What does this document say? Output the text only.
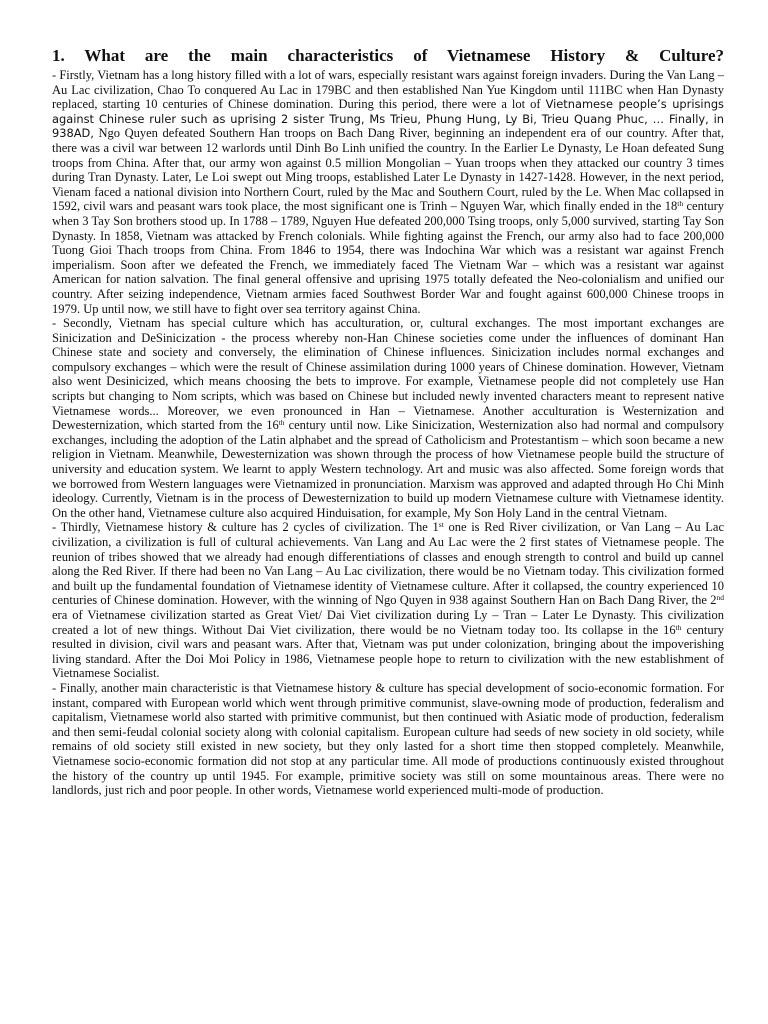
1. What are the main characteristics of Vietnamese History & Culture?

- Firstly, Vietnam has a long history filled with a lot of wars, especially resistant wars against foreign invaders. During the Van Lang – Au Lac civilization, Chao To conquered Au Lac in 179BC and then established Nan Yue Kingdom until 111BC when Han Dynasty replaced, starting 10 centuries of Chinese domination. During this period, there were a lot of Vietnamese people’s uprisings against Chinese ruler such as uprising 2 sister Trung, Ms Trieu, Phung Hung, Ly Bi, Trieu Quang Phuc, … Finally, in 938AD, Ngo Quyen defeated Southern Han troops on Bach Dang River, beginning an independent era of our country. After that, there was a civil war between 12 warlords until Dinh Bo Linh unified the country. In the Earlier Le Dynasty, Le Hoan defeated Sung troops from China. After that, our army won against 0.5 million Mongolian – Yuan troops when they attacked our country 3 times during Tran Dynasty. Later, Le Loi swept out Ming troops, established Later Le Dynasty in 1427-1428. However, in the next period, Vienam faced a national division into Northern Court, ruled by the Mac and Southern Court, ruled by the Le. When Mac collapsed in 1592, civil wars and peasant wars took place, the most significant one is Trinh – Nguyen War, which finally ended in the 18th century when 3 Tay Son brothers stood up. In 1788 – 1789, Nguyen Hue defeated 200,000 Tsing troops, only 5,000 survived, starting Tay Son Dynasty. In 1858, Vietnam was attacked by French colonials. While fighting against the French, our army also had to face 200,000 Tuong Gioi Thach troops from China. From 1846 to 1954, there was Indochina War which was a resistant war against French imperialism. Soon after we defeated the French, we immediately faced The Vietnam War – which was a resistant war against American for nation salvation. The final general offensive and uprising 1975 totally defeated the Neo-colonialism and unified our country. After seizing independence, Vietnam armies faced Southwest Border War and fought against 600,000 Chinese troops in 1979. Up until now, we still have to fight over sea territory against China.

- Secondly, Vietnam has special culture which has acculturation, or, cultural exchanges. The most important exchanges are Sinicization and DeSinicization - the process whereby non-Han Chinese societies come under the influences of dominant Han Chinese state and society and conversely, the elimination of Chinese influences. Sinicization includes normal exchanges and compulsory exchanges – which were the result of Chinese assimilation during 1000 years of Chinese domination. However, Vietnam also went Desinicized, which means choosing the bets to improve. For example, Vietnamese people did not completely use Han scripts but changing to Nom scripts, which was based on Chinese but included newly invented characters meant to represent native Vietnamese words... Moreover, we even pronounced in Han – Vietnamese. Another acculturation is Westernization and Dewesternization, which started from the 16th century until now. Like Sinicization, Westernization also had normal and compulsory exchanges, including the adoption of the Latin alphabet and the spread of Catholicism and Protestantism – which soon became a new religion in Vietnam. Meanwhile, Dewesternization was shown through the process of how Vietnamese people build the structure of university and education system. We learnt to apply Western technology. Art and music was also affected. Some foreign words that we borrowed from Western languages were Vietnamized in pronunciation. Marxism was approved and adapted through Ho Chi Minh ideology. Currently, Vietnam is in the process of Dewesternization to build up modern Vietnamese culture with Vietnamese identity. On the other hand, Vietnamese culture also acquired Hinduisation, for example, My Son Holy Land in the central Vietnam.

- Thirdly, Vietnamese history & culture has 2 cycles of civilization. The 1st one is Red River civilization, or Van Lang – Au Lac civilization, a civilization is full of cultural achievements. Van Lang and Au Lac were the 2 first states of Vietnamese people. The reunion of tribes showed that we already had enough differentiations of classes and enough strength to control and build up cannel along the Red River. If there had been no Van Lang – Au Lac civilization, there would be no Vietnam today. This civilization formed and built up the fundamental foundation of Vietnamese identity of Vietnamese culture. After it collapsed, the country experienced 10 centuries of Chinese domination. However, with the winning of Ngo Quyen in 938 against Southern Han on Bach Dang River, the 2nd era of Vietnamese civilization started as Great Viet/ Dai Viet civilization during Ly – Tran – Later Le Dynasty. This civilization created a lot of new things. Without Dai Viet civilization, there would be no Vietnam today too. Its collapse in the 16th century resulted in division, civil wars and peasant wars. After that, Vietnam was put under colonization, bringing about the impoverishing living standard. After the Doi Moi Policy in 1986, Vietnamese people hope to return to civilization with the new establishment of Vietnamese Socialist.

- Finally, another main characteristic is that Vietnamese history & culture has special development of socio-economic formation. For instant, compared with European world which went through primitive communist, slave-owning mode of production, federalism and capitalism, Vietnamese world also started with primitive communist, but then continued with Asiatic mode of production, federalism and then semi-feudal colonial society along with colonial capitalism. European culture had seeds of new society in old society, while remains of old society still existed in new society, but they only lasted for a short time then stopped completely. Meanwhile, Vietnamese socio-economic formation did not stop at any particular time. All mode of productions continuously existed throughout the history of the country up until 1945. For example, primitive society was still on some mountainous areas. There were no landlords, just rich and poor people. In other words, Vietnamese world experienced multi-mode of production.
